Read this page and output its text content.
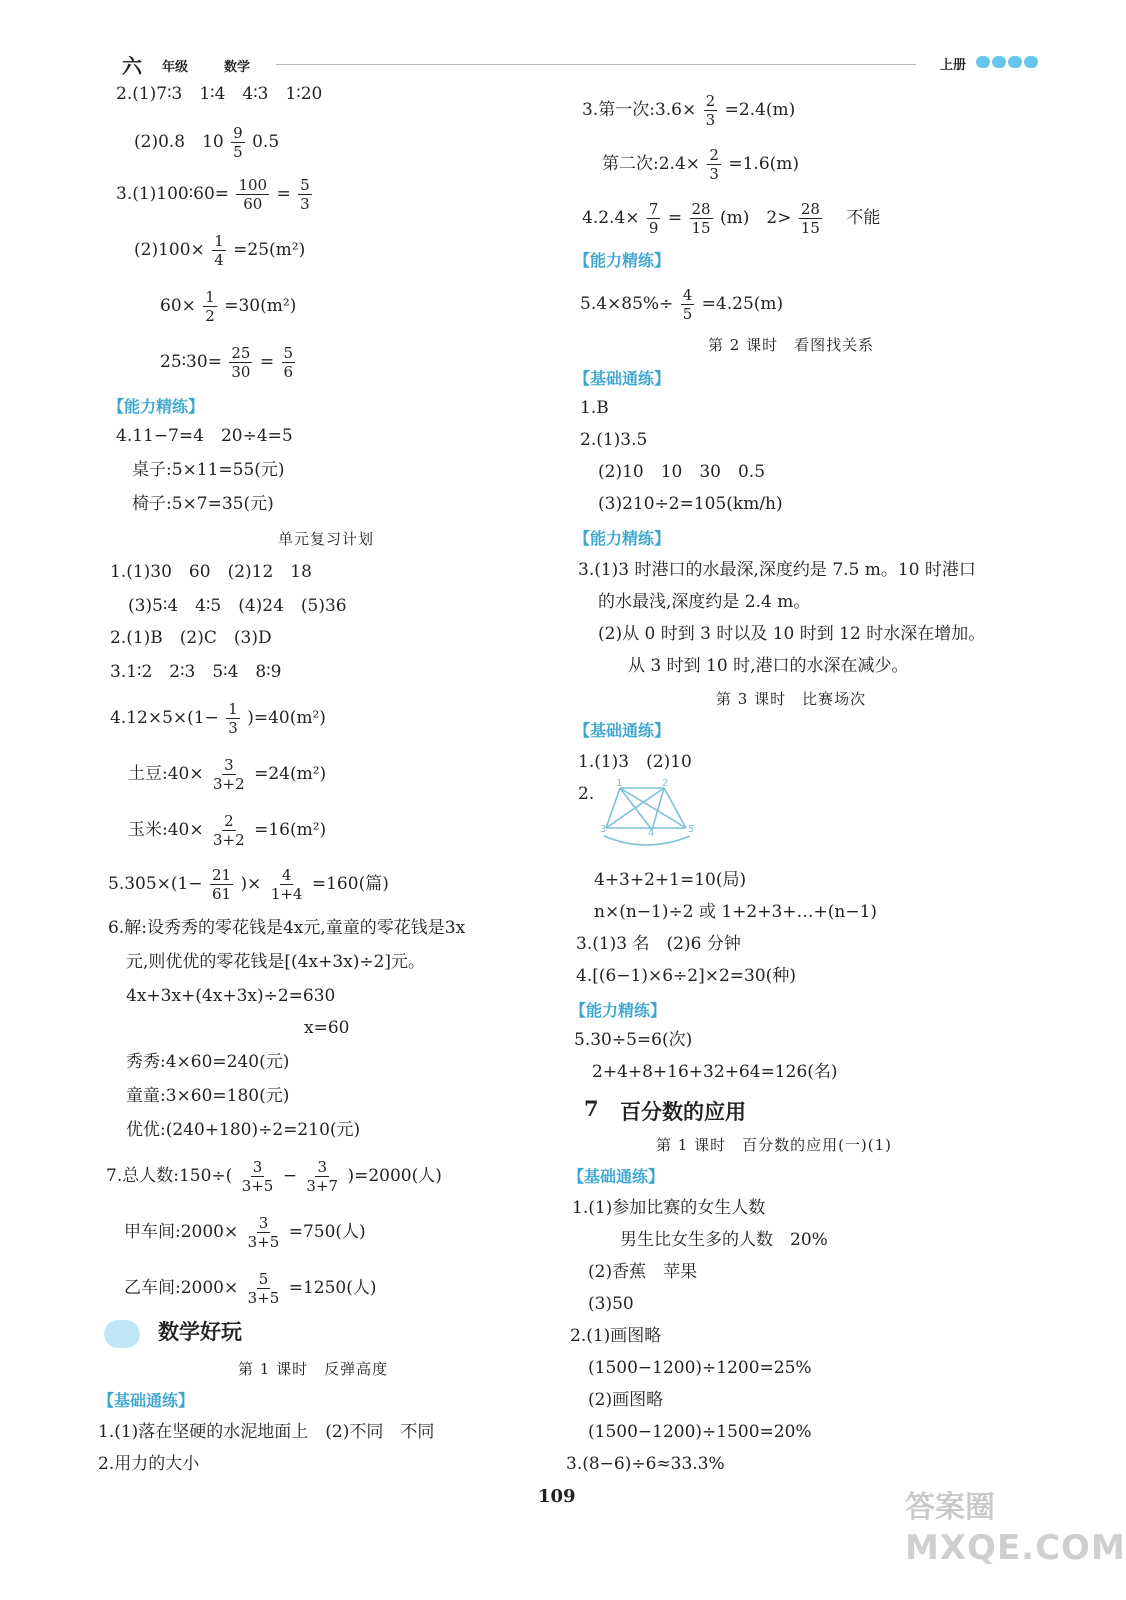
六 年级	数学	上册
2.(1)7∶3　1∶4　4∶3　1∶20
(2)0.8　$10 \frac{9}{5} 0.5$
3.(1)100∶60= $\frac{100}{60} = \frac{5}{3}$
$(2)100\times \frac{1}{4} =25(m^2)$
$60\times \frac{1}{2} =30(m^2)$
25∶30= $\frac{25}{30} = \frac{5}{6}$
【能力精练】
4.11−7=4　20÷4=5
桌子:5×11=55(元)
椅子:5×7=35(元)
单元复习计划
1.(1)30　60　(2)12　18
(3)5∶4　4∶5　(4)24　(5)36
2.(1)B　(2)C　(3)D
3.1∶2　2∶3　5∶4　8∶9
$4.12\times 5\times(1- \frac{1}{3} )=40(m^2)$
土豆:40× $\frac{3}{3+2} =24(m^2)$
玉米:40× $\frac{2}{3+2} =16(m^2)$
$5.305\times(1- \frac{21}{61}$ )× $\frac{4}{1+4} =160$(篇)
6.解:设秀秀的零花钱是4x元,童童的零花钱是3x
元,则优优的零花钱是[(4x+3x)÷2]元。
4x+3x+(4x+3x)÷2=630
x=60
秀秀:4×60=240(元)
童童:3×60=180(元)
优优:(240+180)÷2=210(元)
7.总人数:150÷( $\frac{3}{3+5} - \frac{3}{3+7} )=2000$(人)
甲车间:2000× $\frac{3}{3+5} =750$(人)
乙车间:2000× $\frac{5}{3+5} =1250$(人)
数学好玩
第 1 课时　反弹高度
【基础通练】
1.(1)落在坚硬的水泥地面上　(2)不同　不同
2.用力的大小
3.第一次:3.6× $\frac{2}{3} =2.4(m)$
第二次:2.4× $\frac{2}{3} =1.6(m)$
$4.2.4\times \frac{7}{9} = \frac{28}{15} (m)$　$2> \frac{28}{15}$ 　不能
【能力精练】
$5.4\times 85\%\div \frac{4}{5} =4.25(m)$
第 2 课时　看图找关系
【基础通练】
1.B
2.(1)3.5
(2)10　10　30　0.5
(3)210÷2=105(km/h)
【能力精练】
3.(1)3 时港口的水最深,深度约是 7.5 m。10 时港口
的水最浅,深度约是 2.4 m。
(2)从 0 时到 3 时以及 10 时到 12 时水深在增加。
从 3 时到 10 时,港口的水深在减少。
第 3 课时　比赛场次
【基础通练】
1.(1)3　(2)10
2.
1	2
3	4	5
4+3+2+1=10(局)
n×(n−1)÷2 或 1+2+3+…+(n−1)
3.(1)3 名　(2)6 分钟
4.[(6−1)×6÷2]×2=30(种)
【能力精练】
5.30÷5=6(次)
2+4+8+16+32+64=126(名)
7 百分数的应用
第 1 课时　百分数的应用(一)(1)
【基础通练】
1.(1)参加比赛的女生人数
男生比女生多的人数　20%
(2)香蕉　苹果
(3)50
2.(1)画图略
(1500−1200)÷1200=25%
(2)画图略
(1500−1200)÷1500=20%
3.(8−6)÷6≈33.3%
109	答案圈
MXQE.COM
